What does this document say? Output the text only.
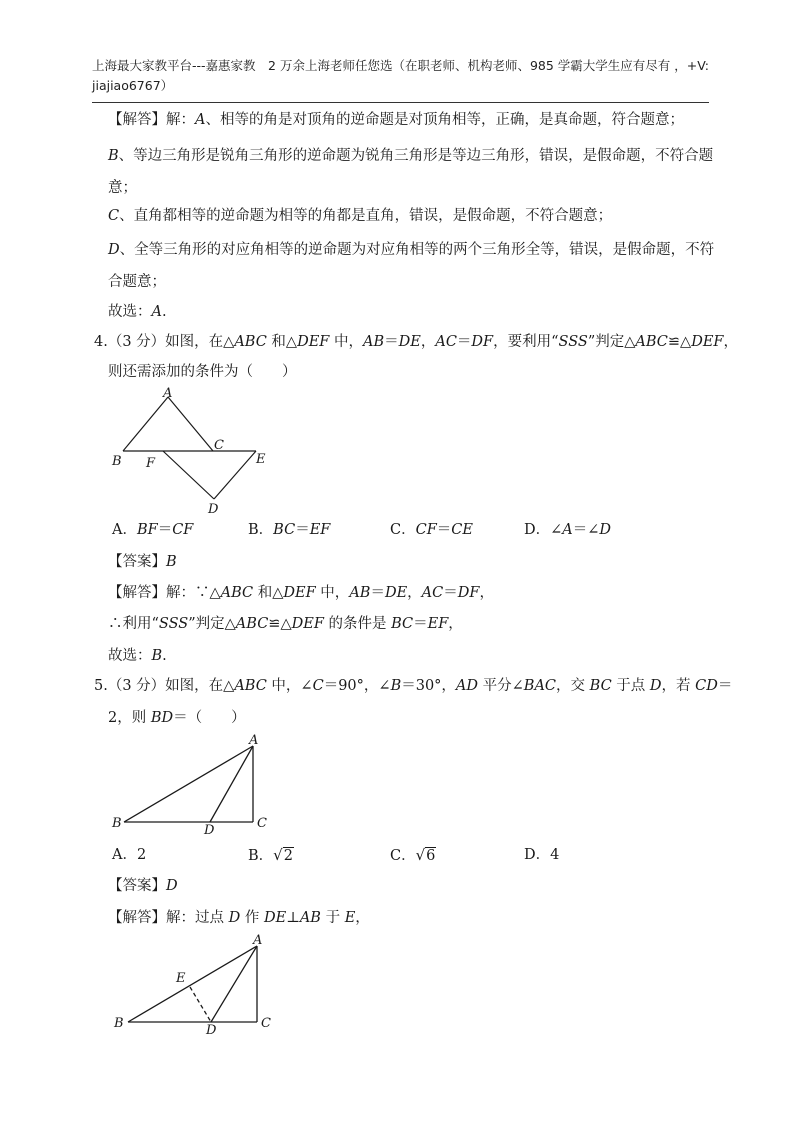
上海最大家教平台---嘉惠家教　2 万余上海老师任您选（在职老师、机构老师、985 学霸大学生应有尽有 ，+V:
jiajiao6767）
【解答】解：A、相等的角是对顶角的逆命题是对顶角相等，正确，是真命题，符合题意；
B、等边三角形是锐角三角形的逆命题为锐角三角形是等边三角形，错误，是假命题，不符合题
意；
C、直角都相等的逆命题为相等的角都是直角，错误，是假命题，不符合题意；
D、全等三角形的对应角相等的逆命题为对应角相等的两个三角形全等，错误，是假命题，不符
合题意；
故选：A.
4.（3 分）如图，在△ABC 和△DEF 中，AB＝DE，AC＝DF，要利用“SSS”判定△ABC≌△DEF，
则还需添加的条件为（　　）
A
B
C
E
F
D
A．BF＝CF	B．BC＝EF	C．CF＝CE	D．∠A＝∠D
【答案】B
【解答】解：∵△ABC 和△DEF 中，AB＝DE，AC＝DF，
∴利用“SSS”判定△ABC≌△DEF 的条件是 BC＝EF，
故选：B.
5.（3 分）如图，在△ABC 中，∠C＝90°，∠B＝30°，AD 平分∠BAC，交 BC 于点 D，若 CD＝
2，则 BD＝（　　）
A
B	C
D
A．2	B．√2	C．√6	D．4
【答案】D
【解答】解：过点 D 作 DE⊥AB 于 E，
A
B	C
D
E
